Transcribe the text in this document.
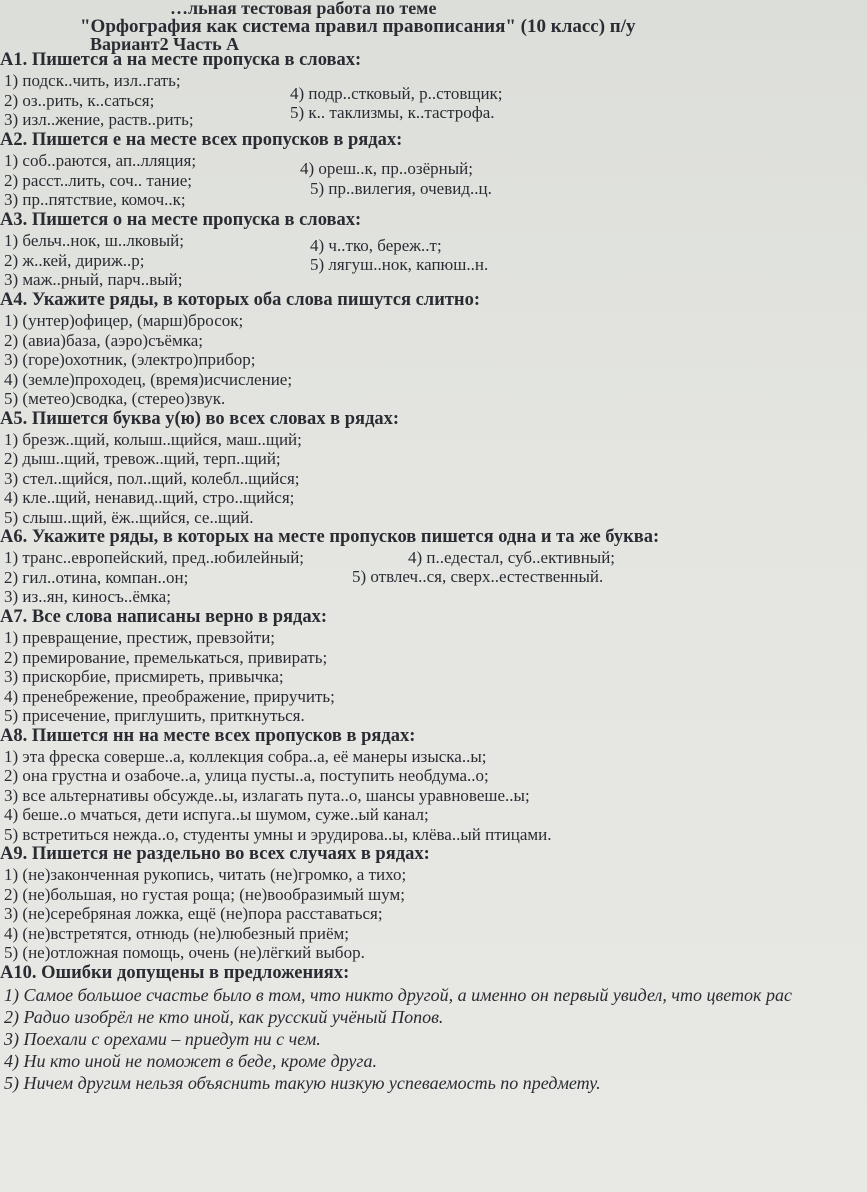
…льная тестовая работа по теме
"Орфография как система правил правописания" (10 класс) п/у
Вариант2 Часть А
А1. Пишется а на месте пропуска в словах:
1) подск..чить, изл..гать;
2) оз..рить, к..саться;
3) изл..жение, раств..рить;
4) подр..стковый, р..стовщик;
5) к.. таклизмы, к..тастрофа.
А2. Пишется е на месте всех пропусков в рядах:
1) соб..раются, ап..лляция;
2) расст..лить, соч.. тание;
3) пр..пятствие, комоч..к;
4) ореш..к, пр..озёрный;
5) пр..вилегия, очевид..ц.
А3. Пишется о на месте пропуска в словах:
1) бельч..нок, ш..лковый;
2) ж..кей, дириж..р;
3) маж..рный, парч..вый;
4) ч..тко, береж..т;
5) лягуш..нок, капюш..н.
А4. Укажите ряды, в которых оба слова пишутся слитно:
1) (унтер)офицер, (марш)бросок;
2) (авиа)база, (аэро)съёмка;
3) (горе)охотник, (электро)прибор;
4) (земле)проходец, (время)исчисление;
5) (метео)сводка, (стерео)звук.
А5. Пишется буква у(ю) во всех словах в рядах:
1) брезж..щий, колыш..щийся, маш..щий;
2) дыш..щий, тревож..щий, терп..щий;
3) стел..щийся, пол..щий, колебл..щийся;
4) кле..щий, ненавид..щий, стро..щийся;
5) слыш..щий, ёж..щийся, се..щий.
А6. Укажите ряды, в которых на месте пропусков пишется одна и та же буква:
1) транс..европейский, пред..юбилейный;
2) гил..отина, компан..он;
3) из..ян, киносъ..ёмка;
4) п..едестал, суб..ективный;
5) отвлеч..ся, сверх..естественный.
А7. Все слова написаны верно в рядах:
1) превращение, престиж, превзойти;
2) премирование, премелькаться, привирать;
3) прискорбие, присмиреть, привычка;
4) пренебрежение, преображение, приручить;
5) присечение, приглушить, приткнуться.
А8. Пишется нн на месте всех пропусков в рядах:
1) эта фреска соверше..а, коллекция собра..а, её манеры изыска..ы;
2) она грустна и озабоче..а, улица пусты..а, поступить необдума..о;
3) все альтернативы обсужде..ы, излагать пута..о, шансы уравновеше..ы;
4) беше..о мчаться, дети испуга..ы шумом, суже..ый канал;
5) встретиться нежда..о, студенты умны и эрудирова..ы, клёва..ый птицами.
А9. Пишется не раздельно во всех случаях в рядах:
1) (не)законченная рукопись, читать (не)громко, а тихо;
2) (не)большая, но густая роща; (не)вообразимый шум;
3) (не)серебряная ложка, ещё (не)пора расставаться;
4) (не)встретятся, отнюдь (не)любезный приём;
5) (не)отложная помощь, очень (не)лёгкий выбор.
А10. Ошибки допущены в предложениях:
1) Самое большое счастье было в том, что никто другой, а именно он первый увидел, что цветок рас
2) Радио изобрёл не кто иной, как русский учёный Попов.
3) Поехали с орехами – приедут ни с чем.
4) Ни кто иной не поможет в беде, кроме друга.
5) Ничем другим нельзя объяснить такую низкую успеваемость по предмету.
